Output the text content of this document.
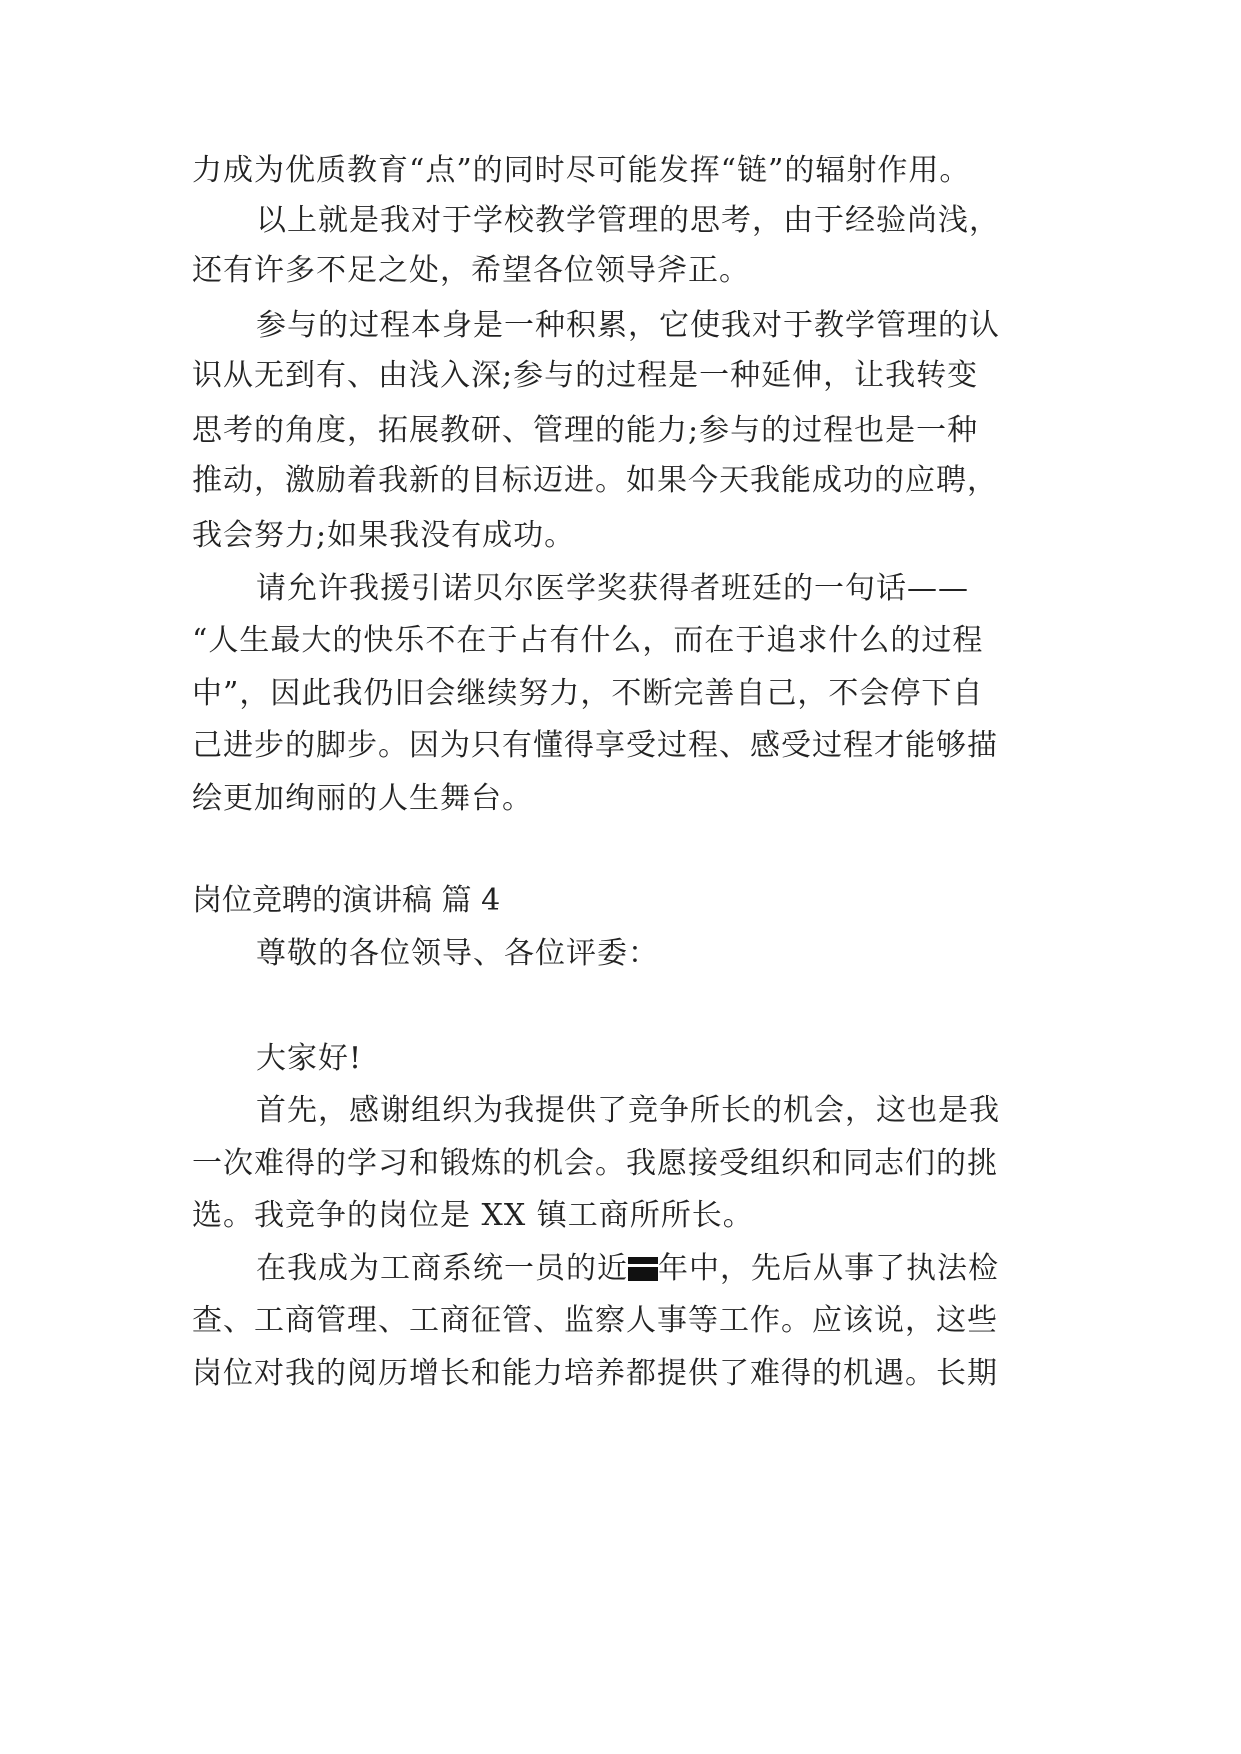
力成为优质教育“点”的同时尽可能发挥“链”的辐射作用。
以上就是我对于学校教学管理的思考，由于经验尚浅，
还有许多不足之处，希望各位领导斧正。
参与的过程本身是一种积累，它使我对于教学管理的认
识从无到有、由浅入深;参与的过程是一种延伸，让我转变
思考的角度，拓展教研、管理的能力;参与的过程也是一种
推动，激励着我新的目标迈进。如果今天我能成功的应聘，
我会努力;如果我没有成功。
请允许我援引诺贝尔医学奖获得者班廷的一句话——
“人生最大的快乐不在于占有什么，而在于追求什么的过程
中”，因此我仍旧会继续努力，不断完善自己，不会停下自
己进步的脚步。因为只有懂得享受过程、感受过程才能够描
绘更加绚丽的人生舞台。
岗位竞聘的演讲稿 篇 4
尊敬的各位领导、各位评委：
大家好!
首先，感谢组织为我提供了竞争所长的机会，这也是我
一次难得的学习和锻炼的机会。我愿接受组织和同志们的挑
选。我竞争的岗位是 XX 镇工商所所长。
在我成为工商系统一员的近 年中，先后从事了执法检
查、工商管理、工商征管、监察人事等工作。应该说，这些
岗位对我的阅历增长和能力培养都提供了难得的机遇。长期
